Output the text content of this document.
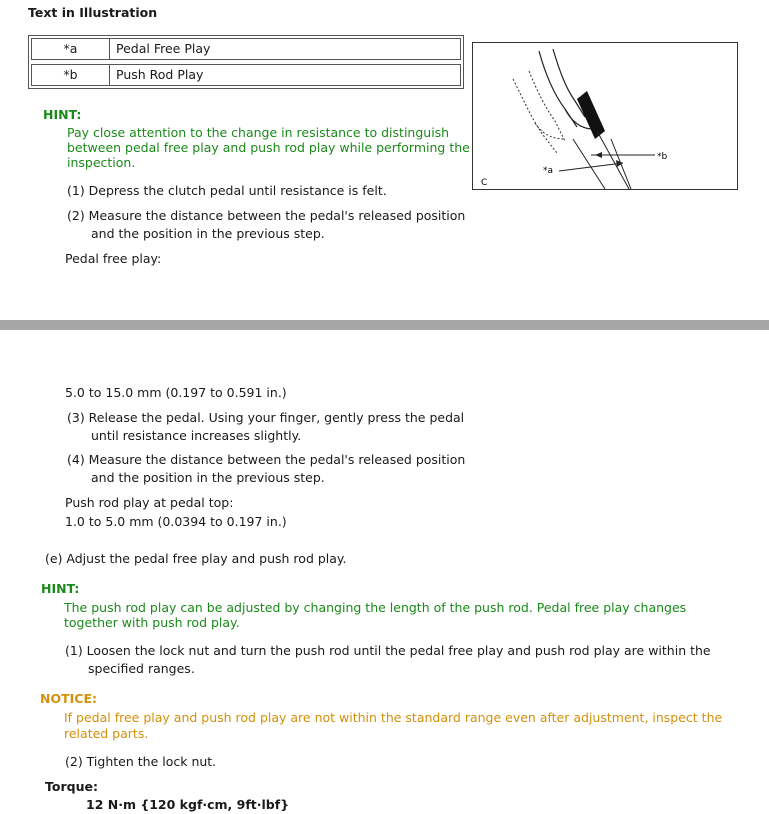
Text in Illustration
*a	Pedal Free Play
*b	Push Rod Play
*a
*b
C
HINT:
Pay close attention to the change in resistance to distinguish
between pedal free play and push rod play while performing the
inspection.
(1) Depress the clutch pedal until resistance is felt.
(2) Measure the distance between the pedal's released position
and the position in the previous step.
Pedal free play:
5.0 to 15.0 mm (0.197 to 0.591 in.)
(3) Release the pedal. Using your finger, gently press the pedal
until resistance increases slightly.
(4) Measure the distance between the pedal's released position
and the position in the previous step.
Push rod play at pedal top:
1.0 to 5.0 mm (0.0394 to 0.197 in.)
(e) Adjust the pedal free play and push rod play.
HINT:
The push rod play can be adjusted by changing the length of the push rod. Pedal free play changes
together with push rod play.
(1) Loosen the lock nut and turn the push rod until the pedal free play and push rod play are within the
specified ranges.
NOTICE:
If pedal free play and push rod play are not within the standard range even after adjustment, inspect the
related parts.
(2) Tighten the lock nut.
Torque:
12 N·m {120 kgf·cm, 9ft·lbf}
